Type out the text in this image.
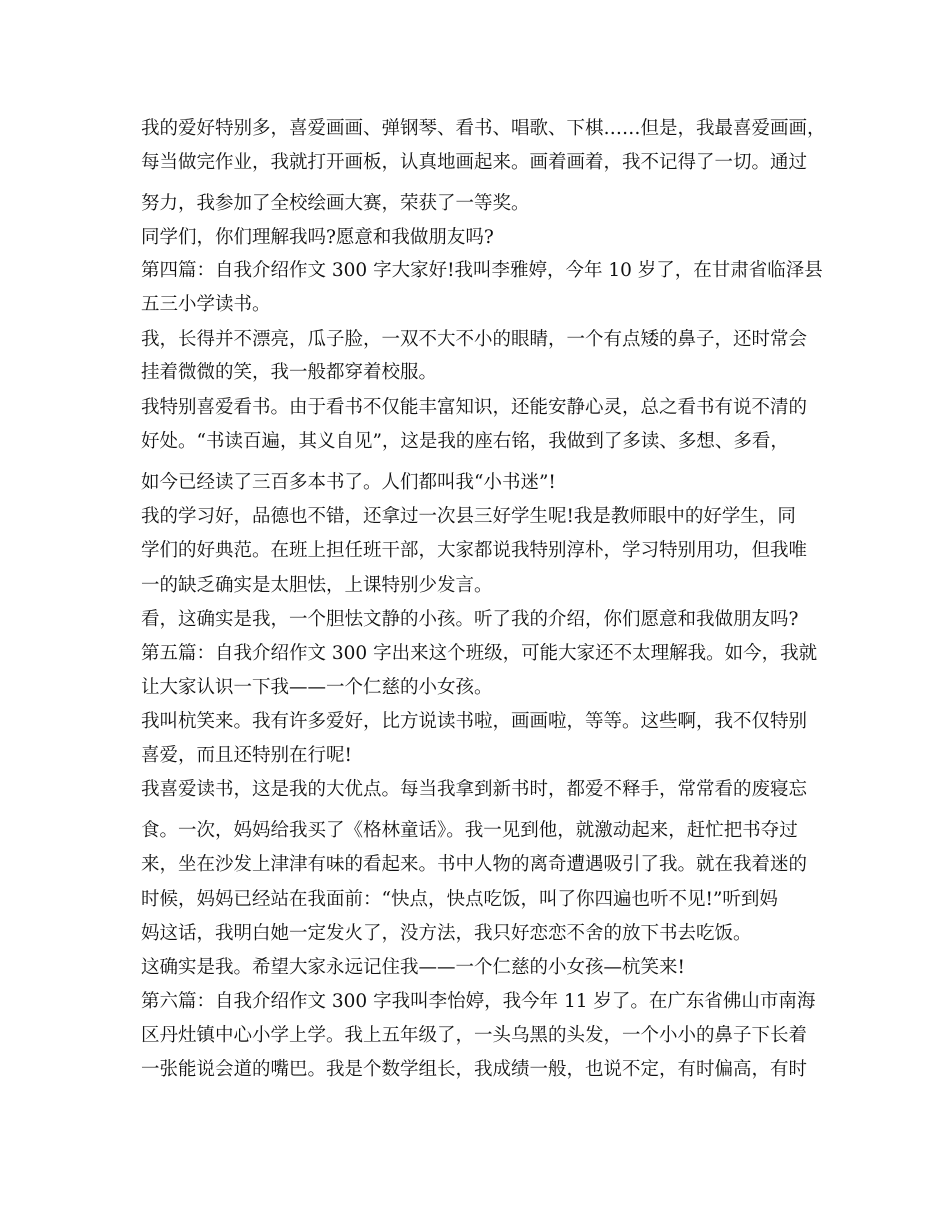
我的爱好特别多，喜爱画画、弹钢琴、看书、唱歌、下棋……但是，我最喜爱画画，
每当做完作业，我就打开画板，认真地画起来。画着画着，我不记得了一切。通过
努力，我参加了全校绘画大赛，荣获了一等奖。
同学们，你们理解我吗?愿意和我做朋友吗?
第四篇：自我介绍作文 300 字大家好!我叫李雅婷，今年 10 岁了，在甘肃省临泽县
五三小学读书。
我，长得并不漂亮，瓜子脸，一双不大不小的眼睛，一个有点矮的鼻子，还时常会
挂着微微的笑，我一般都穿着校服。
我特别喜爱看书。由于看书不仅能丰富知识，还能安静心灵，总之看书有说不清的
好处。“书读百遍，其义自见”，这是我的座右铭，我做到了多读、多想、多看，
如今已经读了三百多本书了。人们都叫我“小书迷”!
我的学习好，品德也不错，还拿过一次县三好学生呢!我是教师眼中的好学生，同
学们的好典范。在班上担任班干部，大家都说我特别淳朴，学习特别用功，但我唯
一的缺乏确实是太胆怯，上课特别少发言。
看，这确实是我，一个胆怯文静的小孩。听了我的介绍，你们愿意和我做朋友吗?
第五篇：自我介绍作文 300 字出来这个班级，可能大家还不太理解我。如今，我就
让大家认识一下我——一个仁慈的小女孩。
我叫杭笑来。我有许多爱好，比方说读书啦，画画啦，等等。这些啊，我不仅特别
喜爱，而且还特别在行呢!
我喜爱读书，这是我的大优点。每当我拿到新书时，都爱不释手，常常看的废寝忘
食。一次，妈妈给我买了《格林童话》。我一见到他，就激动起来，赶忙把书夺过
来，坐在沙发上津津有味的看起来。书中人物的离奇遭遇吸引了我。就在我着迷的
时候，妈妈已经站在我面前：“快点，快点吃饭，叫了你四遍也听不见!”听到妈
妈这话，我明白她一定发火了，没方法，我只好恋恋不舍的放下书去吃饭。
这确实是我。希望大家永远记住我——一个仁慈的小女孩—杭笑来!
第六篇：自我介绍作文 300 字我叫李怡婷，我今年 11 岁了。在广东省佛山市南海
区丹灶镇中心小学上学。我上五年级了，一头乌黑的头发，一个小小的鼻子下长着
一张能说会道的嘴巴。我是个数学组长，我成绩一般，也说不定，有时偏高，有时
